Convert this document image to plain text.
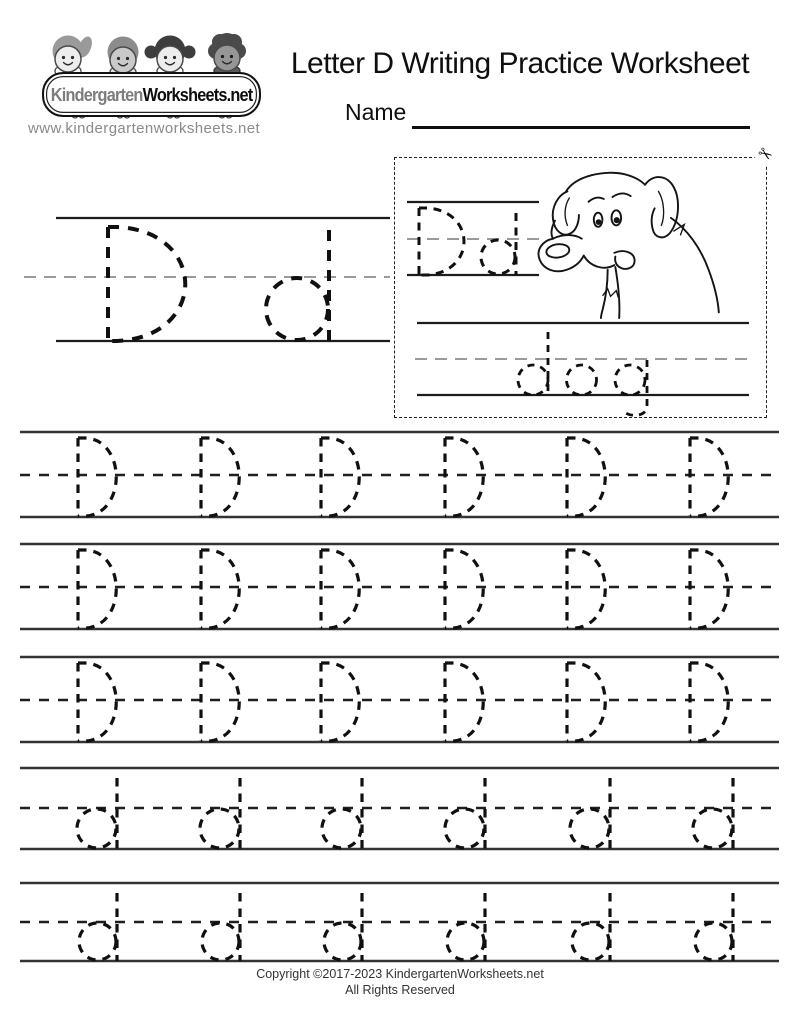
KindergartenWorksheets.net
www.kindergartenworksheets.net
Letter D Writing Practice Worksheet
Name
✂
Copyright ©2017-2023 KindergartenWorksheets.net
All Rights Reserved
